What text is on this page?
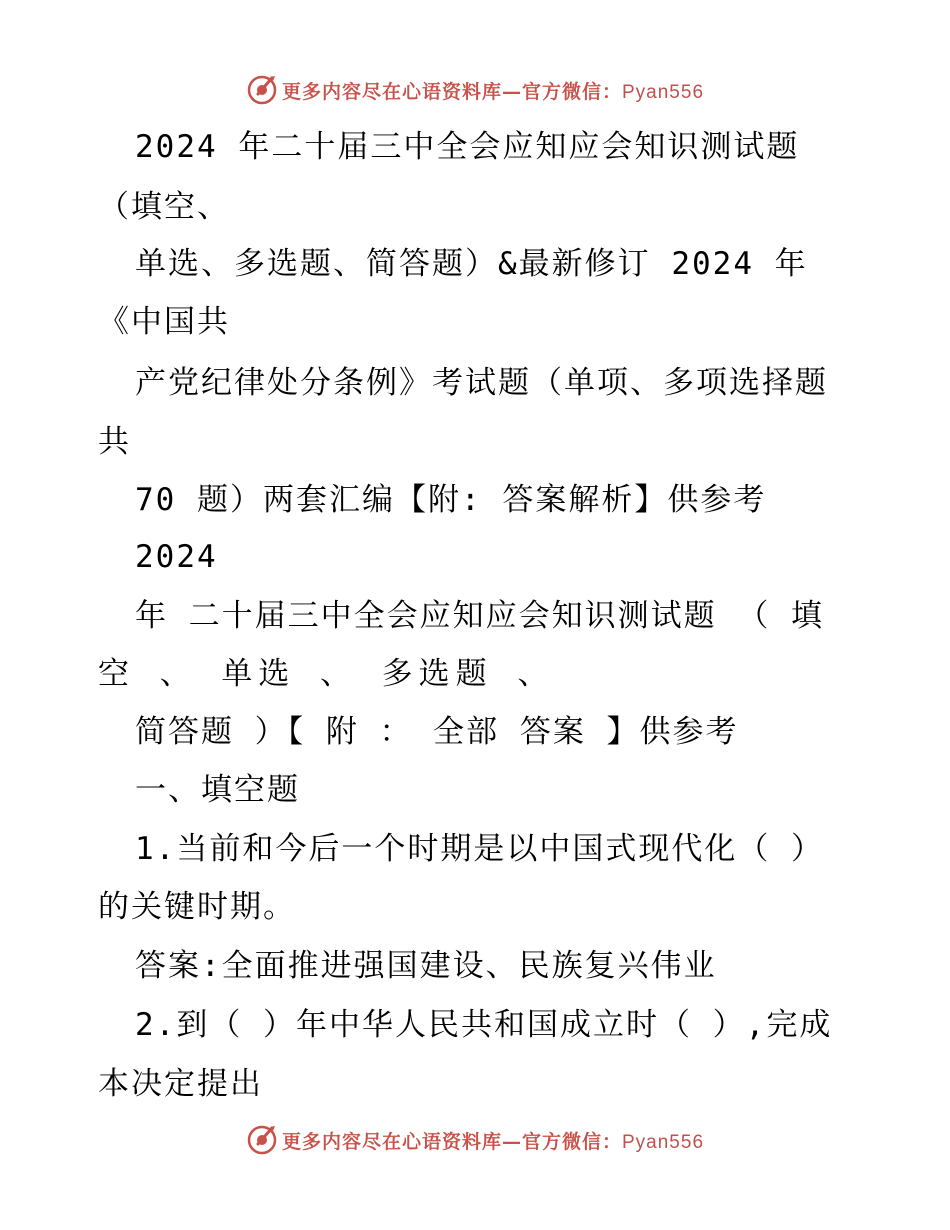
更多内容尽在心语资料库—官方微信：Pyan556
2024 年二十届三中全会应知应会知识测试题
（填空、
单选、多选题、简答题）&最新修订 2024 年
《中国共
产党纪律处分条例》考试题（单项、多项选择题
共
70 题）两套汇编【附: 答案解析】供参考
2024
年 二十届三中全会应知应会知识测试题 （ 填
空 、 单选 、 多选题 、
简答题 ）【 附 ： 全部 答案 】供参考
一、填空题
1.当前和今后一个时期是以中国式现代化（ ）
的关键时期。
答案:全面推进强国建设、民族复兴伟业
2.到（ ）年中华人民共和国成立时（ ）,完成
本决定提出
更多内容尽在心语资料库—官方微信：Pyan556
